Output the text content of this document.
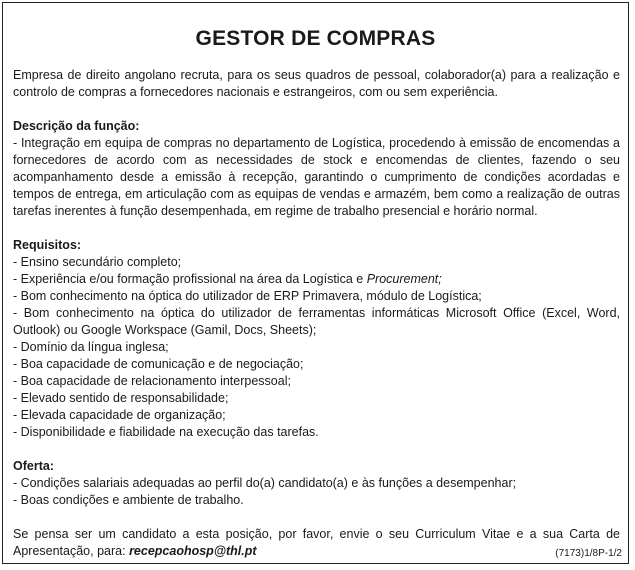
GESTOR DE COMPRAS

Empresa de direito angolano recruta, para os seus quadros de pessoal, colaborador(a) para a realização e controlo de compras a fornecedores nacionais e estrangeiros, com ou sem experiência.

Descrição da função:

- Integração em equipa de compras no departamento de Logística, procedendo à emissão de encomendas a fornecedores de acordo com as necessidades de stock e encomendas de clientes, fazendo o seu acompanhamento desde a emissão à recepção, garantindo o cumprimento de condições acordadas e tempos de entrega, em articulação com as equipas de vendas e armazém, bem como a realização de outras tarefas inerentes à função desempenhada, em regime de trabalho presencial e horário normal.

Requisitos:

- Ensino secundário completo;
- Experiência e/ou formação profissional na área da Logística e Procurement;
- Bom conhecimento na óptica do utilizador de ERP Primavera, módulo de Logística;
- Bom conhecimento na óptica do utilizador de ferramentas informáticas Microsoft Office (Excel, Word, Outlook) ou Google Workspace (Gamil, Docs, Sheets);
- Domínio da língua inglesa;
- Boa capacidade de comunicação e de negociação;
- Boa capacidade de relacionamento interpessoal;
- Elevado sentido de responsabilidade;
- Elevada capacidade de organização;
- Disponibilidade e fiabilidade na execução das tarefas.

Oferta:

- Condições salariais adequadas ao perfil do(a) candidato(a) e às funções a desempenhar;
- Boas condições e ambiente de trabalho.

Se pensa ser um candidato a esta posição, por favor, envie o seu Curriculum Vitae e a sua Carta de Apresentação, para: recepcaohosp@thl.pt	(7173)1/8P-1/2
